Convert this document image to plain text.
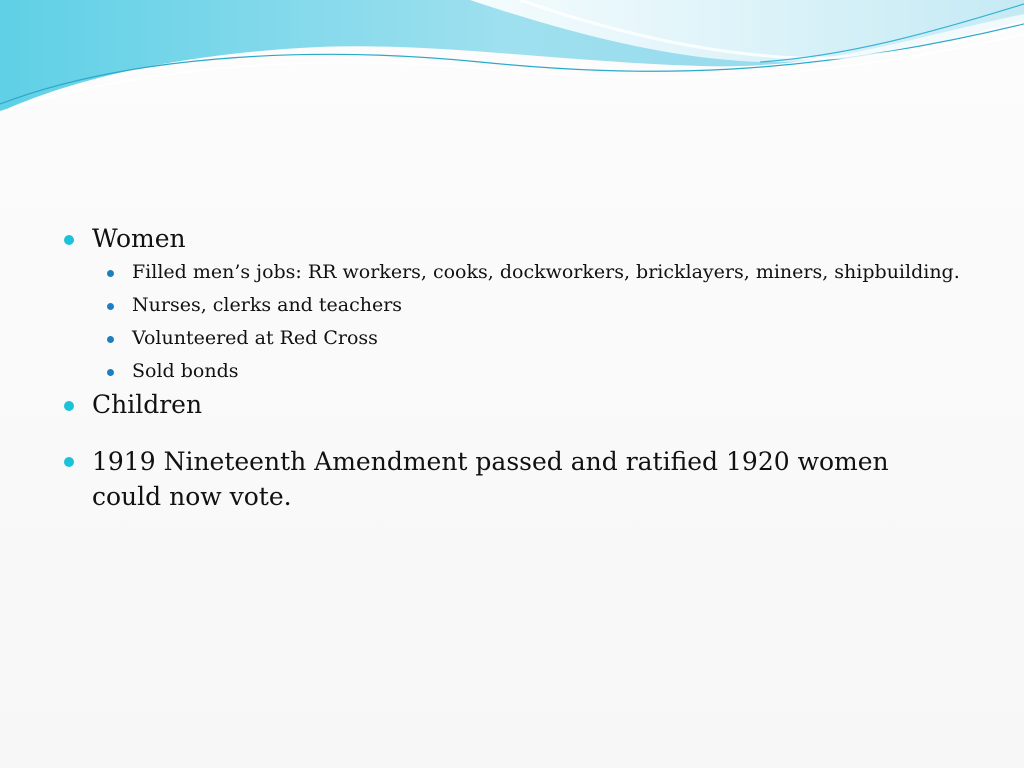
Women
Filled men’s jobs: RR workers, cooks, dockworkers, bricklayers, miners, shipbuilding.
Nurses, clerks and teachers
Volunteered at Red Cross
Sold bonds
Children
1919 Nineteenth Amendment passed and ratified 1920 women could now vote.
